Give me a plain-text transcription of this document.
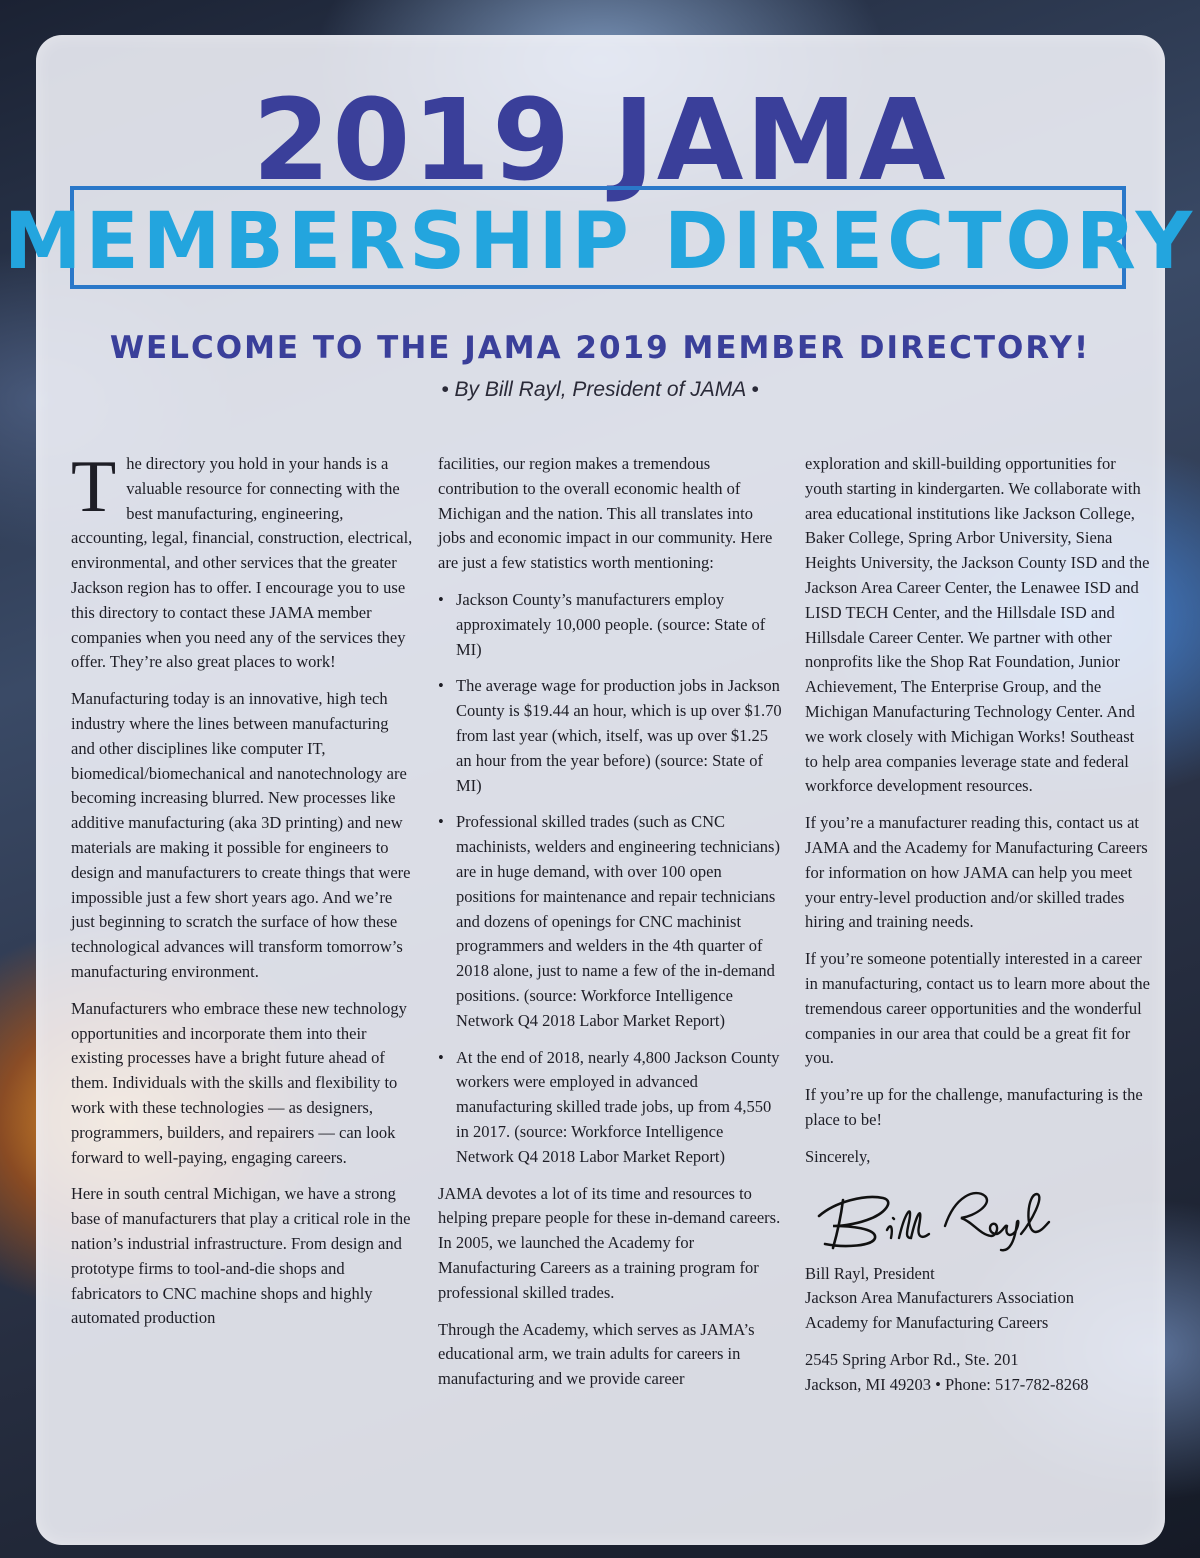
2019 JAMA
MEMBERSHIP DIRECTORY
WELCOME TO THE JAMA 2019 MEMBER DIRECTORY!
• By Bill Rayl, President of JAMA •

The directory you hold in your hands is a valuable resource for connecting with the best manufacturing, engineering, accounting, legal, financial, construction, electrical, environmental, and other services that the greater Jackson region has to offer. I encourage you to use this directory to contact these JAMA member companies when you need any of the services they offer. They’re also great places to work!

Manufacturing today is an innovative, high tech industry where the lines between manufacturing and other disciplines like computer IT, biomedical/biomechanical and nanotechnology are becoming increasing blurred. New processes like additive manufacturing (aka 3D printing) and new materials are making it possible for engineers to design and manufacturers to create things that were impossible just a few short years ago. And we’re just beginning to scratch the surface of how these technological advances will transform tomorrow’s manufacturing environment.

Manufacturers who embrace these new technology opportunities and incorporate them into their existing processes have a bright future ahead of them. Individuals with the skills and flexibility to work with these technologies — as designers, programmers, builders, and repairers — can look forward to well-paying, engaging careers.

Here in south central Michigan, we have a strong base of manufacturers that play a critical role in the nation’s industrial infrastructure. From design and prototype firms to tool-and-die shops and fabricators to CNC machine shops and highly automated production

facilities, our region makes a tremendous contribution to the overall economic health of Michigan and the nation. This all translates into jobs and economic impact in our community. Here are just a few statistics worth mentioning:

• Jackson County’s manufacturers employ approximately 10,000 people. (source: State of MI)
• The average wage for production jobs in Jackson County is $19.44 an hour, which is up over $1.70 from last year (which, itself, was up over $1.25 an hour from the year before) (source: State of MI)
• Professional skilled trades (such as CNC machinists, welders and engineering technicians) are in huge demand, with over 100 open positions for maintenance and repair technicians and dozens of openings for CNC machinist programmers and welders in the 4th quarter of 2018 alone, just to name a few of the in-demand positions. (source: Workforce Intelligence Network Q4 2018 Labor Market Report)
• At the end of 2018, nearly 4,800 Jackson County workers were employed in advanced manufacturing skilled trade jobs, up from 4,550 in 2017. (source: Workforce Intelligence Network Q4 2018 Labor Market Report)

JAMA devotes a lot of its time and resources to helping prepare people for these in-demand careers. In 2005, we launched the Academy for Manufacturing Careers as a training program for professional skilled trades.

Through the Academy, which serves as JAMA’s educational arm, we train adults for careers in manufacturing and we provide career

exploration and skill-building opportunities for youth starting in kindergarten. We collaborate with area educational institutions like Jackson College, Baker College, Spring Arbor University, Siena Heights University, the Jackson County ISD and the Jackson Area Career Center, the Lenawee ISD and LISD TECH Center, and the Hillsdale ISD and Hillsdale Career Center. We partner with other nonprofits like the Shop Rat Foundation, Junior Achievement, The Enterprise Group, and the Michigan Manufacturing Technology Center. And we work closely with Michigan Works! Southeast to help area companies leverage state and federal workforce development resources.

If you’re a manufacturer reading this, contact us at JAMA and the Academy for Manufacturing Careers for information on how JAMA can help you meet your entry-level production and/or skilled trades hiring and training needs.

If you’re someone potentially interested in a career in manufacturing, contact us to learn more about the tremendous career opportunities and the wonderful companies in our area that could be a great fit for you.

If you’re up for the challenge, manufacturing is the place to be!

Sincerely,

Bill Rayl, President
Jackson Area Manufacturers Association
Academy for Manufacturing Careers

2545 Spring Arbor Rd., Ste. 201
Jackson, MI 49203 • Phone: 517-782-8268
